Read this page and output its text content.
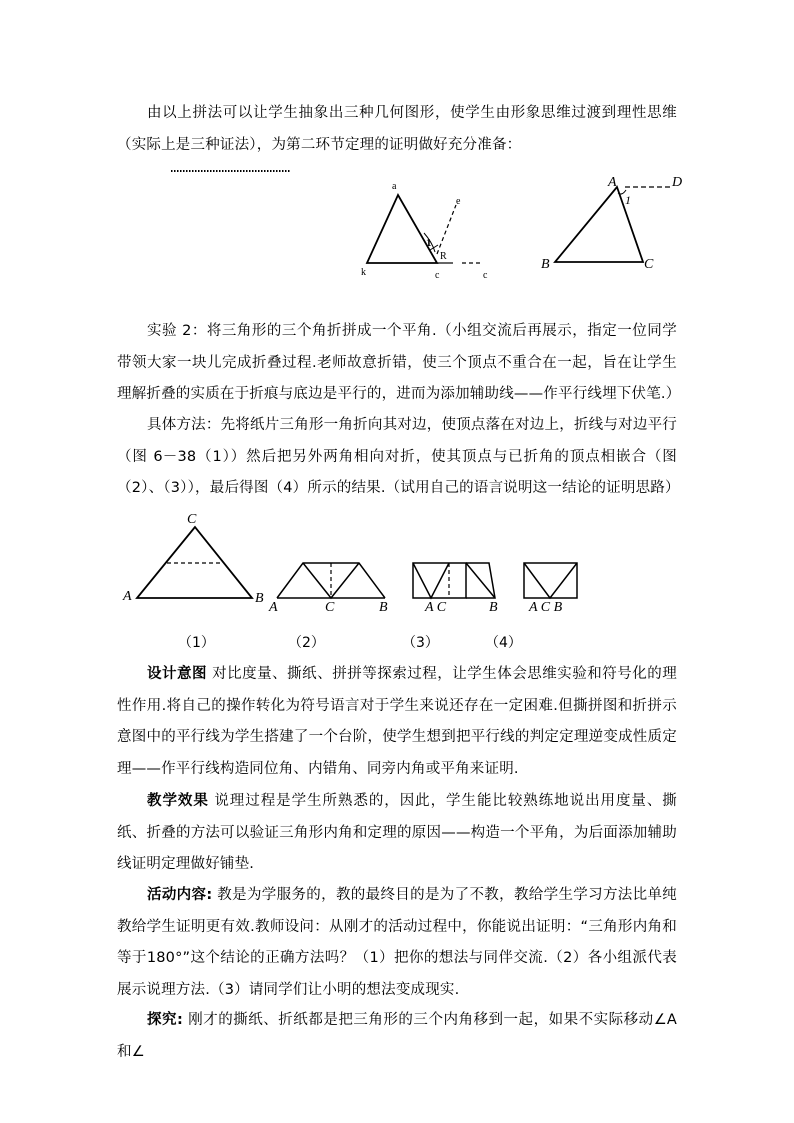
由以上拼法可以让学生抽象出三种几何图形，使学生由形象思维过渡到理性思维（实际上是三种证法），为第二环节定理的证明做好充分准备：

a
k	c
e
c
1
R
A	D
B	C
1

实验 2：将三角形的三个角折拼成一个平角.（小组交流后再展示，指定一位同学带领大家一块儿完成折叠过程.老师故意折错，使三个顶点不重合在一起，旨在让学生理解折叠的实质在于折痕与底边是平行的，进而为添加辅助线——作平行线埋下伏笔.）

具体方法：先将纸片三角形一角折向其对边，使顶点落在对边上，折线与对边平行（图 6－38（1））然后把另外两角相向对折，使其顶点与已折角的顶点相嵌合（图（2）、（3）），最后得图（4）所示的结果.（试用自己的语言说明这一结论的证明思路）

C
A	B
A	C	B	A C	B A C B
（1）	（2）	（3）	（4）

设计意图 对比度量、撕纸、拼拼等探索过程，让学生体会思维实验和符号化的理性作用.将自己的操作转化为符号语言对于学生来说还存在一定困难.但撕拼图和折拼示意图中的平行线为学生搭建了一个台阶，使学生想到把平行线的判定定理逆变成性质定理——作平行线构造同位角、内错角、同旁内角或平角来证明.

教学效果 说理过程是学生所熟悉的，因此，学生能比较熟练地说出用度量、撕纸、折叠的方法可以验证三角形内角和定理的原因——构造一个平角，为后面添加辅助线证明定理做好铺垫.

活动内容: 教是为学服务的，教的最终目的是为了不教，教给学生学习方法比单纯教给学生证明更有效.教师设问：从刚才的活动过程中，你能说出证明：“三角形内角和等于180°”这个结论的正确方法吗？（1）把你的想法与同伴交流.（2）各小组派代表展示说理方法.（3）请同学们让小明的想法变成现实.

探究: 刚才的撕纸、折纸都是把三角形的三个内角移到一起，如果不实际移动∠A 和∠
